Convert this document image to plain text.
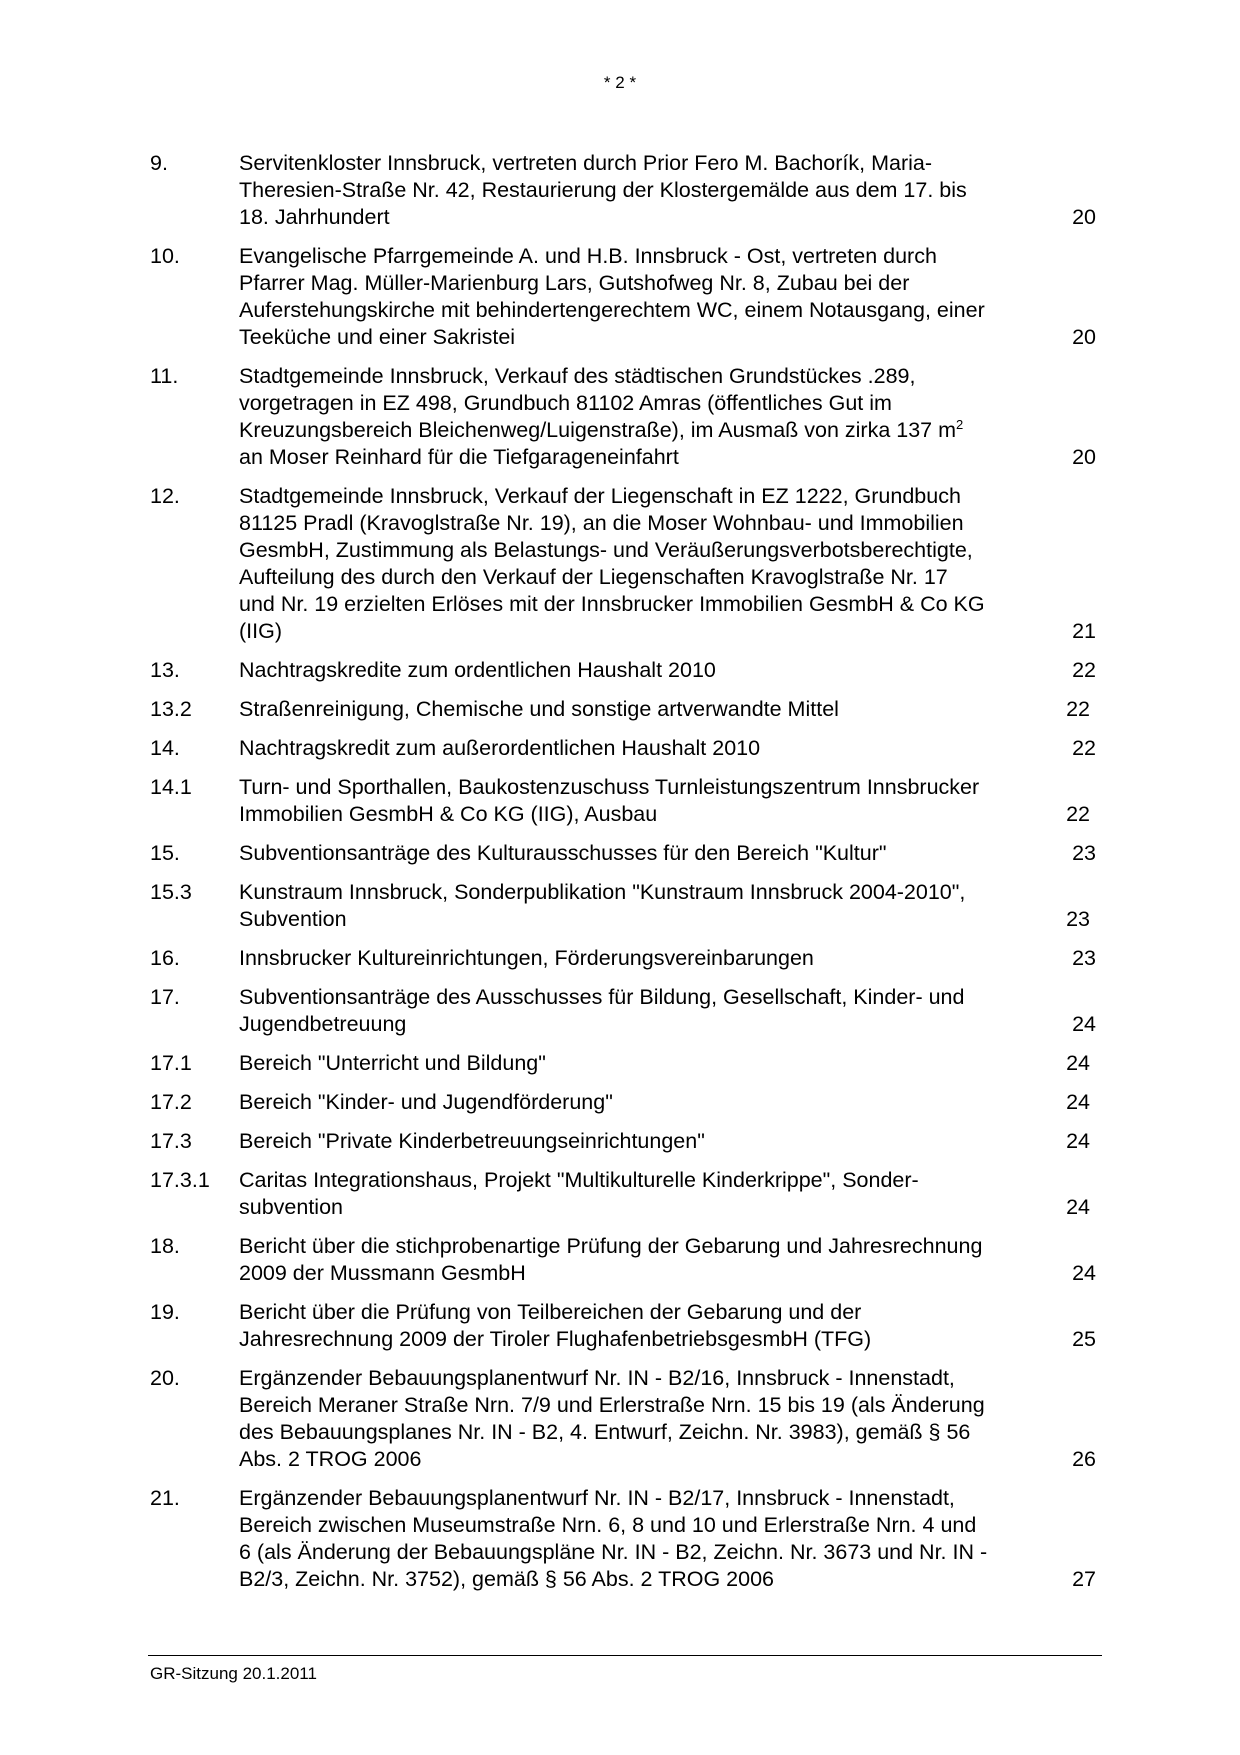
* 2 *
9.	Servitenkloster Innsbruck, vertreten durch Prior Fero M. Bachorík, Maria-Theresien-Straße Nr. 42, Restaurierung der Klostergemälde aus dem 17. bis 18. Jahrhundert	20
10.	Evangelische Pfarrgemeinde A. und H.B. Innsbruck - Ost, vertreten durch Pfarrer Mag. Müller-Marienburg Lars, Gutshofweg Nr. 8, Zubau bei der Auferstehungskirche mit behindertengerechtem WC, einem Notausgang, einer Teeküche und einer Sakristei	20
11.	Stadtgemeinde Innsbruck, Verkauf des städtischen Grundstückes .289, vorgetragen in EZ 498, Grundbuch 81102 Amras (öffentliches Gut im Kreuzungsbereich Bleichenweg/Luigenstraße), im Ausmaß von zirka 137 $m^2$ an Moser Reinhard für die Tiefgarageneinfahrt	20
12.	Stadtgemeinde Innsbruck, Verkauf der Liegenschaft in EZ 1222, Grundbuch 81125 Pradl (Kravoglstraße Nr. 19), an die Moser Wohnbau- und Immobilien GesmbH, Zustimmung als Belastungs- und Veräußerungsverbotsberechtigte, Aufteilung des durch den Verkauf der Liegenschaften Kravoglstraße Nr. 17 und Nr. 19 erzielten Erlöses mit der Innsbrucker Immobilien GesmbH & Co KG (IIG)	21
13.	Nachtragskredite zum ordentlichen Haushalt 2010	22
13.2	Straßenreinigung, Chemische und sonstige artverwandte Mittel	22
14.	Nachtragskredit zum außerordentlichen Haushalt 2010	22
14.1	Turn- und Sporthallen, Baukostenzuschuss Turnleistungszentrum Innsbrucker Immobilien GesmbH & Co KG (IIG), Ausbau	22
15.	Subventionsanträge des Kulturausschusses für den Bereich "Kultur"	23
15.3	Kunstraum Innsbruck, Sonderpublikation "Kunstraum Innsbruck 2004-2010", Subvention	23
16.	Innsbrucker Kultureinrichtungen, Förderungsvereinbarungen	23
17.	Subventionsanträge des Ausschusses für Bildung, Gesellschaft, Kinder- und Jugendbetreuung	24
17.1	Bereich "Unterricht und Bildung"	24
17.2	Bereich "Kinder- und Jugendförderung"	24
17.3	Bereich "Private Kinderbetreuungseinrichtungen"	24
17.3.1	Caritas Integrationshaus, Projekt "Multikulturelle Kinderkrippe", Sonder-subvention	24
18.	Bericht über die stichprobenartige Prüfung der Gebarung und Jahresrechnung 2009 der Mussmann GesmbH	24
19.	Bericht über die Prüfung von Teilbereichen der Gebarung und der Jahresrechnung 2009 der Tiroler FlughafenbetriebsgesmbH (TFG)	25
20.	Ergänzender Bebauungsplanentwurf Nr. IN - B2/16, Innsbruck - Innenstadt, Bereich Meraner Straße Nrn. 7/9 und Erlerstraße Nrn. 15 bis 19 (als Änderung des Bebauungsplanes Nr. IN - B2, 4. Entwurf, Zeichn. Nr. 3983), gemäß § 56 Abs. 2 TROG 2006	26
21.	Ergänzender Bebauungsplanentwurf Nr. IN - B2/17, Innsbruck - Innenstadt, Bereich zwischen Museumstraße Nrn. 6, 8 und 10 und Erlerstraße Nrn. 4 und 6 (als Änderung der Bebauungspläne Nr. IN - B2, Zeichn. Nr. 3673 und Nr. IN - B2/3, Zeichn. Nr. 3752), gemäß § 56 Abs. 2 TROG 2006	27
GR-Sitzung 20.1.2011
